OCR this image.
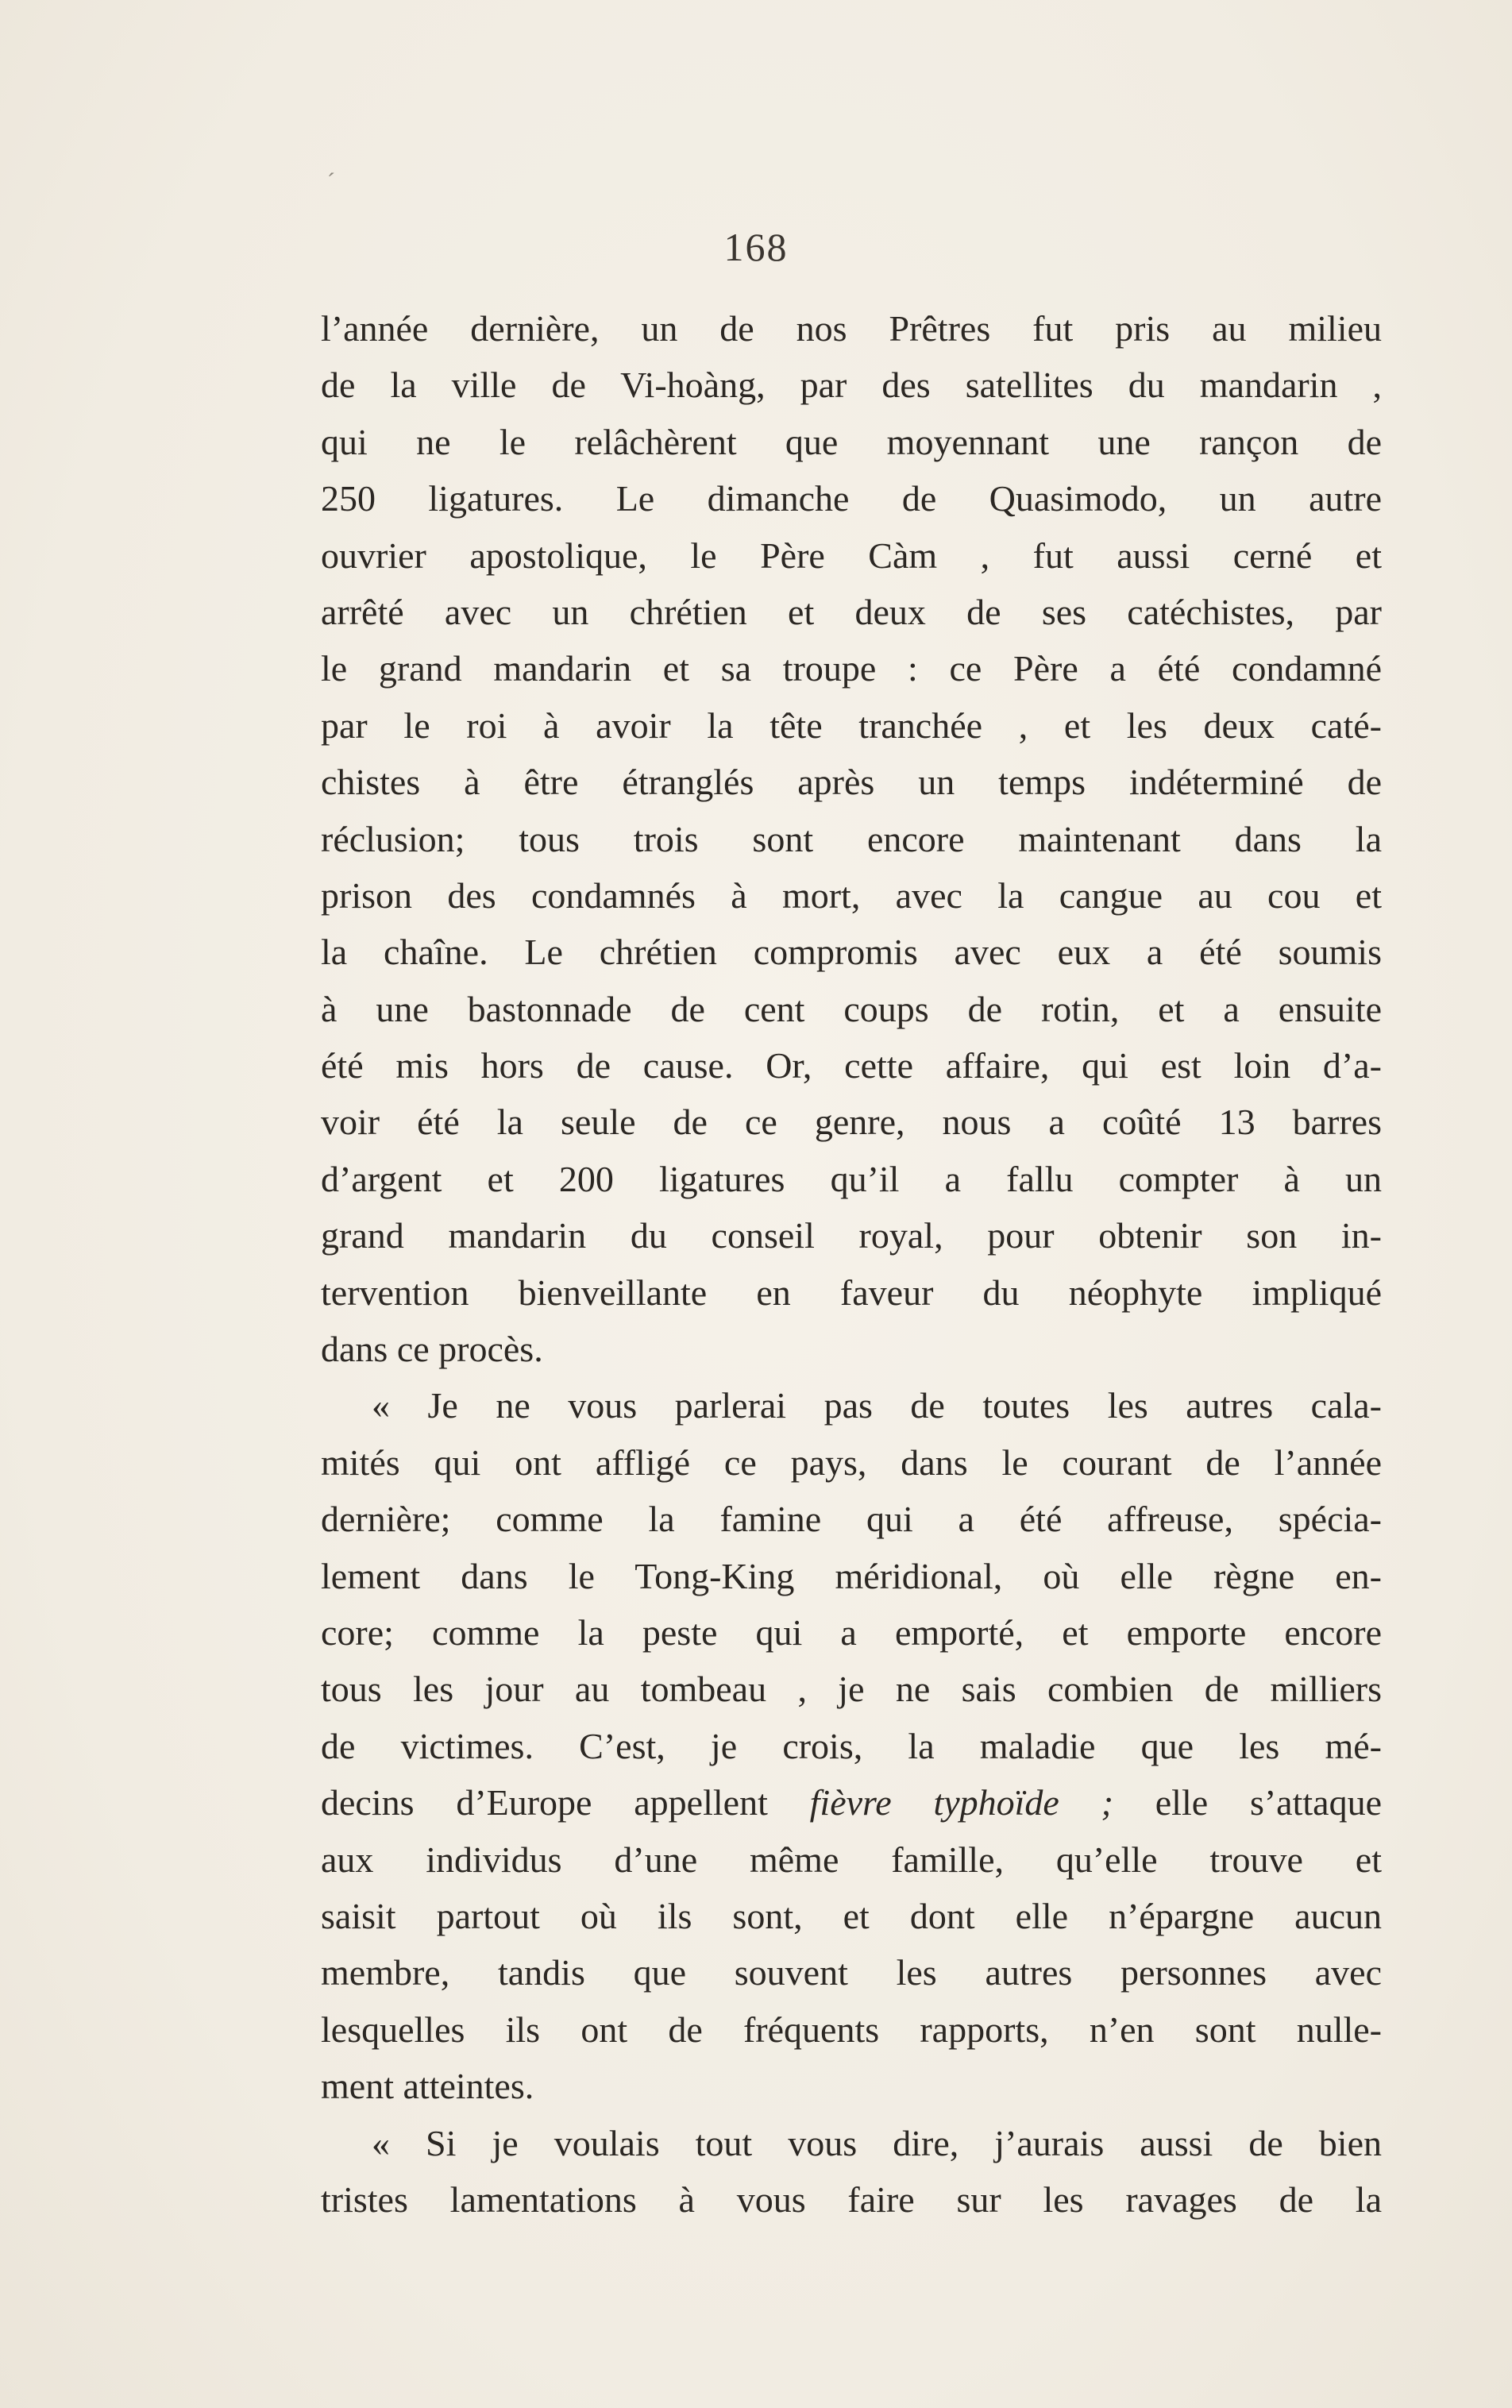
´
168
l’année dernière, un de nos Prêtres fut pris au milieu
de la ville de Vi-hoàng, par des satellites du mandarin ,
qui ne le relâchèrent que moyennant une rançon de
250 ligatures. Le dimanche de Quasimodo, un autre
ouvrier apostolique, le Père Càm , fut aussi cerné et
arrêté avec un chrétien et deux de ses catéchistes, par
le grand mandarin et sa troupe : ce Père a été condamné
par le roi à avoir la tête tranchée , et les deux caté-
chistes à être étranglés après un temps indéterminé de
réclusion; tous trois sont encore maintenant dans la
prison des condamnés à mort, avec la cangue au cou et
la chaîne. Le chrétien compromis avec eux a été soumis
à une bastonnade de cent coups de rotin, et a ensuite
été mis hors de cause. Or, cette affaire, qui est loin d’a-
voir été la seule de ce genre, nous a coûté 13 barres
d’argent et 200 ligatures qu’il a fallu compter à un
grand mandarin du conseil royal, pour obtenir son in-
tervention bienveillante en faveur du néophyte impliqué
dans ce procès.
« Je ne vous parlerai pas de toutes les autres cala-
mités qui ont affligé ce pays, dans le courant de l’année
dernière; comme la famine qui a été affreuse, spécia-
lement dans le Tong-King méridional, où elle règne en-
core; comme la peste qui a emporté, et emporte encore
tous les jour au tombeau , je ne sais combien de milliers
de victimes. C’est, je crois, la maladie que les mé-
decins d’Europe appellent fièvre typhoïde ; elle s’attaque
aux individus d’une même famille, qu’elle trouve et
saisit partout où ils sont, et dont elle n’épargne aucun
membre, tandis que souvent les autres personnes avec
lesquelles ils ont de fréquents rapports, n’en sont nulle-
ment atteintes.
« Si je voulais tout vous dire, j’aurais aussi de bien
tristes lamentations à vous faire sur les ravages de la
